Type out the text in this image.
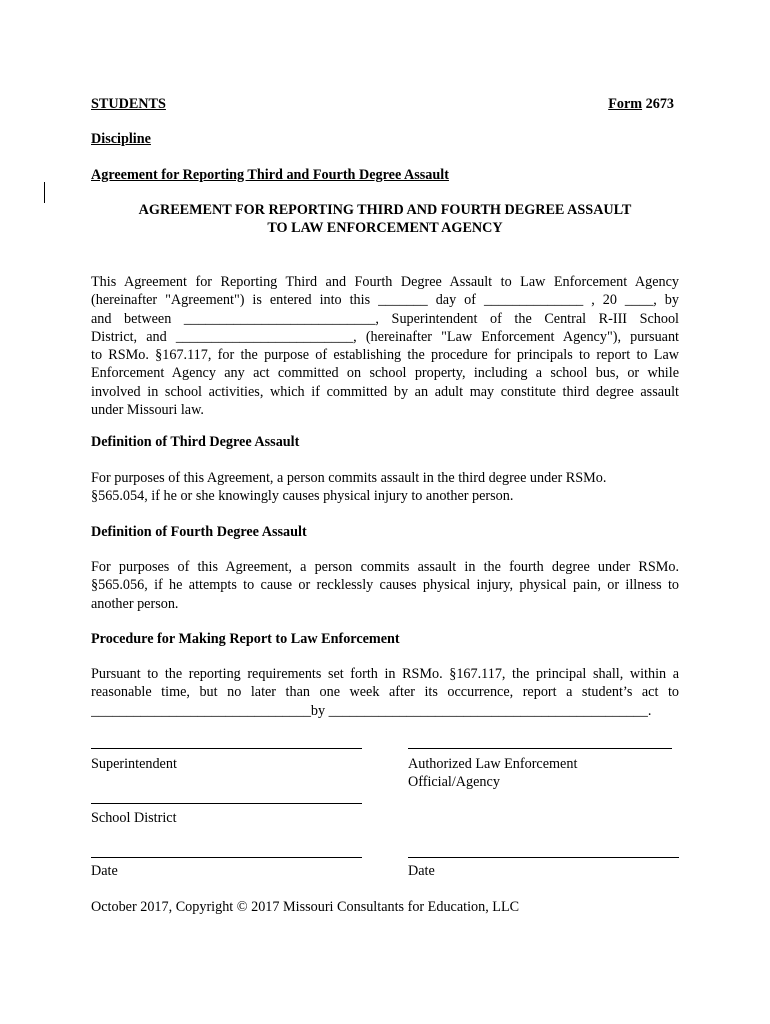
STUDENTS	Form 2673
Discipline
Agreement for Reporting Third and Fourth Degree Assault
AGREEMENT FOR REPORTING THIRD AND FOURTH DEGREE ASSAULT
TO LAW ENFORCEMENT AGENCY
This Agreement for Reporting Third and Fourth Degree Assault to Law Enforcement Agency
(hereinafter "Agreement") is entered into this _______ day of ______________ , 20 ____, by
and between ___________________________, Superintendent of the Central R-III School
District, and _________________________, (hereinafter "Law Enforcement Agency"), pursuant
to RSMo. §167.117, for the purpose of establishing the procedure for principals to report to Law
Enforcement Agency any act committed on school property, including a school bus, or while
involved in school activities, which if committed by an adult may constitute third degree assault
under Missouri law.
Definition of Third Degree Assault
For purposes of this Agreement, a person commits assault in the third degree under RSMo.
§565.054, if he or she knowingly causes physical injury to another person.
Definition of Fourth Degree Assault
For purposes of this Agreement, a person commits assault in the fourth degree under RSMo.
§565.056, if he attempts to cause or recklessly causes physical injury, physical pain, or illness to
another person.
Procedure for Making Report to Law Enforcement
Pursuant to the reporting requirements set forth in RSMo. §167.117, the principal shall, within a
reasonable time, but no later than one week after its occurrence, report a student’s act to
_______________________________by _____________________________________________.
Superintendent	Authorized Law Enforcement
Official/Agency
School District
Date	Date
October 2017, Copyright © 2017 Missouri Consultants for Education, LLC
